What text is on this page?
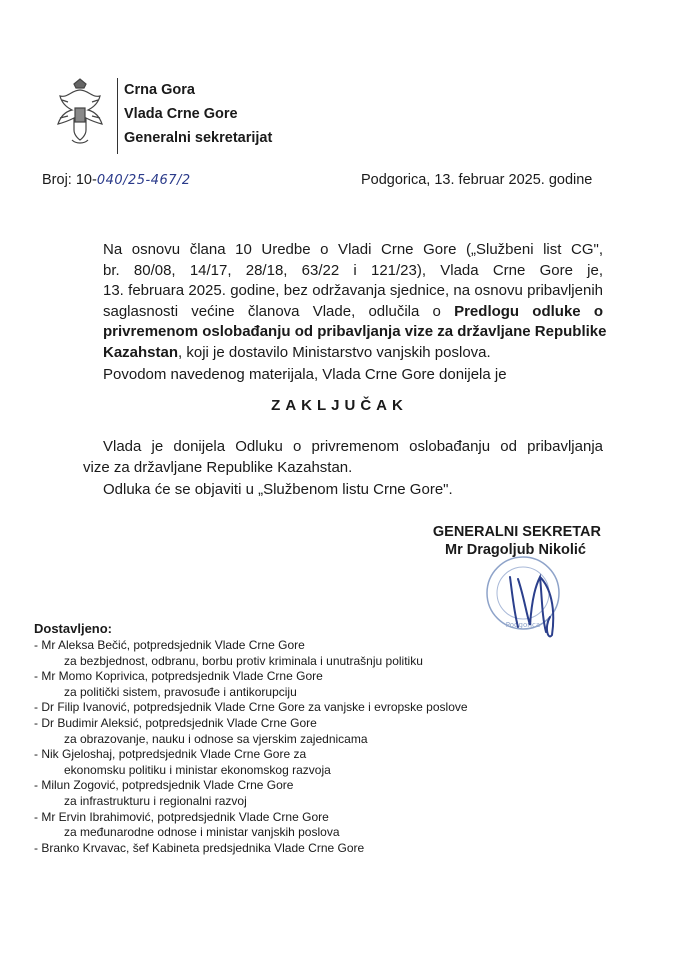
Crna Gora
Vlada Crne Gore
Generalni sekretarijat
Broj: 10-040/25-467/2	Podgorica, 13. februar 2025. godine
Na osnovu člana 10 Uredbe o Vladi Crne Gore („Službeni list CG",
br. 80/08, 14/17, 28/18, 63/22 i 121/23), Vlada Crne Gore je,
13. februara 2025. godine, bez održavanja sjednice, na osnovu pribavljenih
saglasnosti većine članova Vlade, odlučila o Predlogu odluke o
privremenom oslobađanju od pribavljanja vize za državljane Republike
Kazahstan, koji je dostavilo Ministarstvo vanjskih poslova.
Povodom navedenog materijala, Vlada Crne Gore donijela je
ZAKLJUČAK
Vlada je donijela Odluku o privremenom oslobađanju od pribavljanja
vize za državljane Republike Kazahstan.
Odluka će se objaviti u „Službenom listu Crne Gore".
GENERALNI SEKRETAR
Mr Dragoljub Nikolić
Podgorica
Dostavljeno:
- Mr Aleksa Bečić, potpredsjednik Vlade Crne Gore
za bezbjednost, odbranu, borbu protiv kriminala i unutrašnju politiku
- Mr Momo Koprivica, potpredsjednik Vlade Crne Gore
za politički sistem, pravosuđe i antikorupciju
- Dr Filip Ivanović, potpredsjednik Vlade Crne Gore za vanjske i evropske poslove
- Dr Budimir Aleksić, potpredsjednik Vlade Crne Gore
za obrazovanje, nauku i odnose sa vjerskim zajednicama
- Nik Gjeloshaj, potpredsjednik Vlade Crne Gore za
ekonomsku politiku i ministar ekonomskog razvoja
- Milun Zogović, potpredsjednik Vlade Crne Gore
za infrastrukturu i regionalni razvoj
- Mr Ervin Ibrahimović, potpredsjednik Vlade Crne Gore
za međunarodne odnose i ministar vanjskih poslova
- Branko Krvavac, šef Kabineta predsjednika Vlade Crne Gore
